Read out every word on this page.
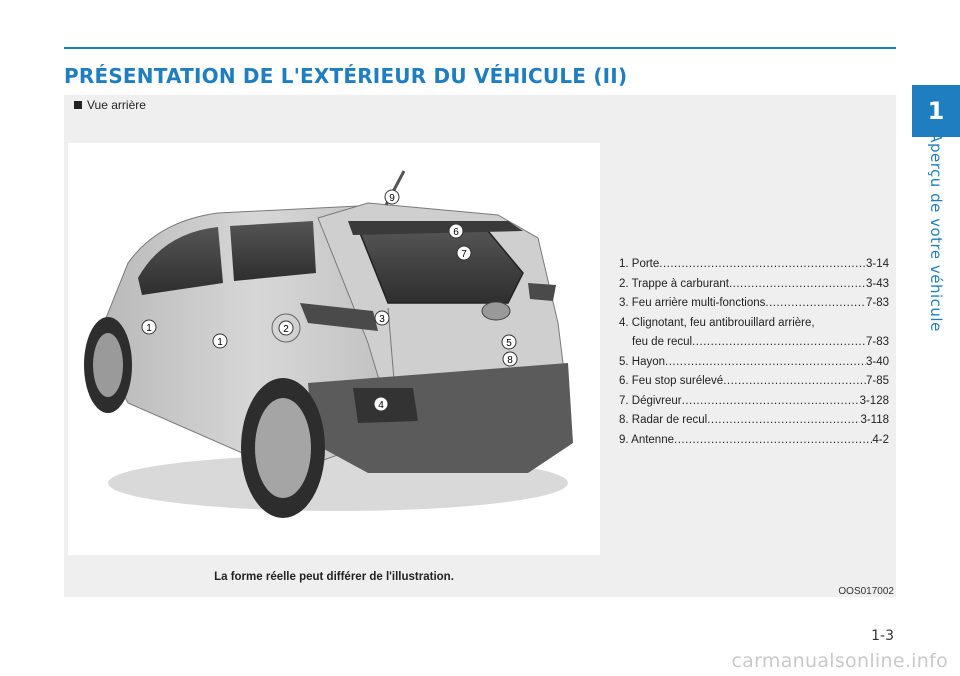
PRÉSENTATION DE L'EXTÉRIEUR DU VÉHICULE (II)
Vue arrière
1
1
2
3
4
5
6
7
8
9
1. Porte .....	3-14
2. Trappe à carburant .....	3-43
3. Feu arrière multi-fonctions .....	7-83
4. Clignotant, feu antibrouillard arrière,
feu de recul .....	7-83
5. Hayon .....	3-40
6. Feu stop surélevé .....	7-85
7. Dégivreur .....	3-128
8. Radar de recul .....	3-118
9. Antenne .....	4-2
La forme réelle peut différer de l'illustration.
OOS017002
1
Aperçu de votre véhicule
1-3
carmanualsonline.info
